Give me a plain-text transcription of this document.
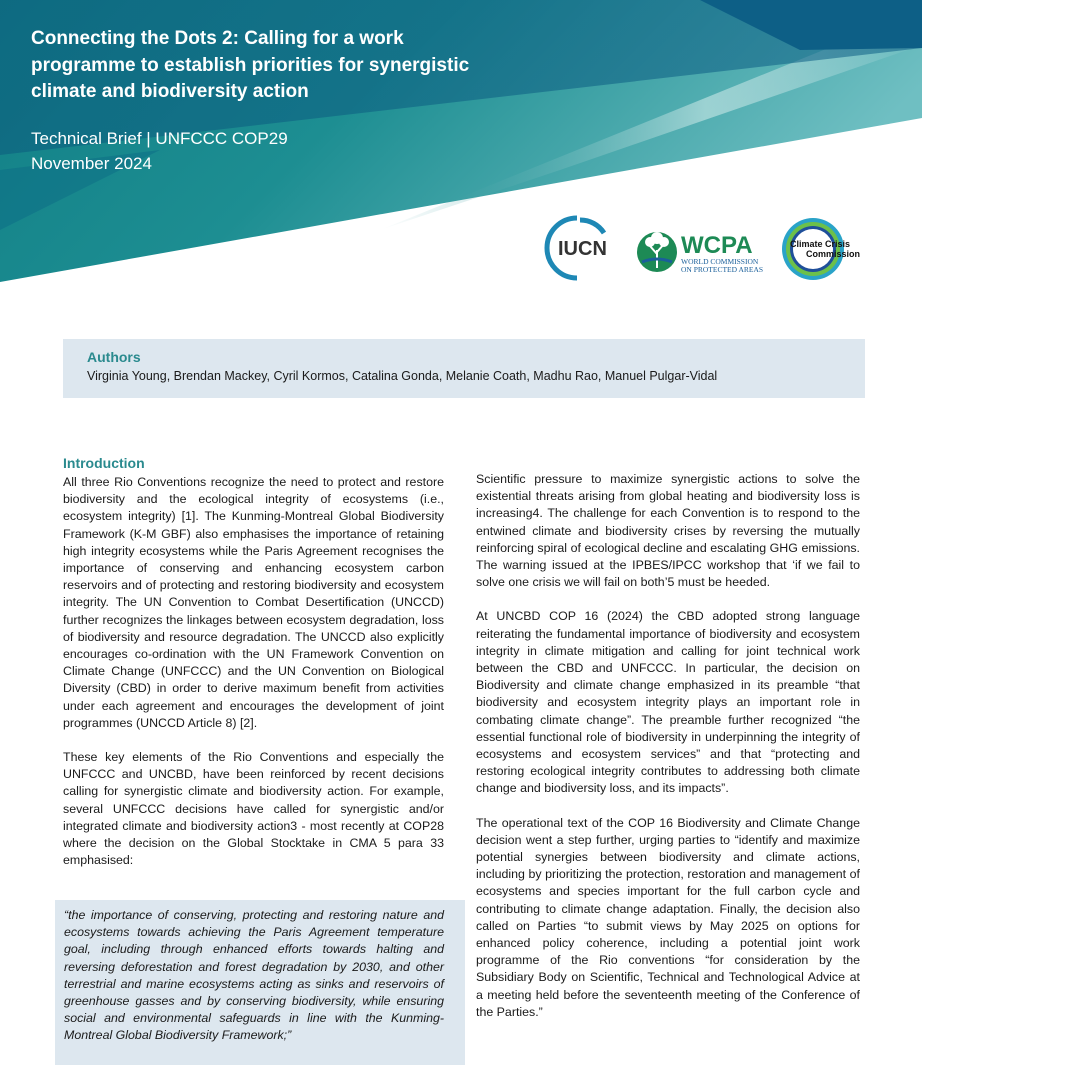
Connecting the Dots 2: Calling for a work programme to establish priorities for synergistic climate and biodiversity action
Technical Brief | UNFCCC COP29
November 2024
IUCN	WCPA
WORLD COMMISSION
ON PROTECTED AREAS
Climate Crisis
Commission
Authors
Virginia Young, Brendan Mackey, Cyril Kormos, Catalina Gonda, Melanie Coath, Madhu Rao, Manuel Pulgar-Vidal
Introduction

All three Rio Conventions recognize the need to protect and restore biodiversity and the ecological integrity of ecosystems (i.e., ecosystem integrity) [1]. The Kunming-Montreal Global Biodiversity Framework (K-M GBF) also emphasises the importance of retaining high integrity ecosystems while the Paris Agreement recognises the importance of conserving and enhancing ecosystem carbon reservoirs and of protecting and restoring biodiversity and ecosystem integrity. The UN Convention to Combat Desertification (UNCCD) further recognizes the linkages between ecosystem degradation, loss of biodiversity and resource degradation. The UNCCD also explicitly encourages co-ordination with the UN Framework Convention on Climate Change (UNFCCC) and the UN Convention on Biological Diversity (CBD) in order to derive maximum benefit from activities under each agreement and encourages the development of joint programmes (UNCCD Article 8) [2].

These key elements of the Rio Conventions and especially the UNFCCC and UNCBD, have been reinforced by recent decisions calling for synergistic climate and biodiversity action. For example, several UNFCCC decisions have called for synergistic and/or integrated climate and biodiversity action3 - most recently at COP28 where the decision on the Global Stocktake in CMA 5 para 33 emphasised:

“the importance of conserving, protecting and restoring nature and ecosystems towards achieving the Paris Agreement temperature goal, including through enhanced efforts towards halting and reversing deforestation and forest degradation by 2030, and other terrestrial and marine ecosystems acting as sinks and reservoirs of greenhouse gasses and by conserving biodiversity, while ensuring social and environmental safeguards in line with the Kunming-Montreal Global Biodiversity Framework;”

Scientific pressure to maximize synergistic actions to solve the existential threats arising from global heating and biodiversity loss is increasing4. The challenge for each Convention is to respond to the entwined climate and biodiversity crises by reversing the mutually reinforcing spiral of ecological decline and escalating GHG emissions. The warning issued at the IPBES/IPCC workshop that ‘if we fail to solve one crisis we will fail on both’5 must be heeded.

At UNCBD COP 16 (2024) the CBD adopted strong language reiterating the fundamental importance of biodiversity and ecosystem integrity in climate mitigation and calling for joint technical work between the CBD and UNFCCC. In particular, the decision on Biodiversity and climate change emphasized in its preamble “that biodiversity and ecosystem integrity plays an important role in combating climate change”. The preamble further recognized “the essential functional role of biodiversity in underpinning the integrity of ecosystems and ecosystem services” and that “protecting and restoring ecological integrity contributes to addressing both climate change and biodiversity loss, and its impacts”.

The operational text of the COP 16 Biodiversity and Climate Change decision went a step further, urging parties to “identify and maximize potential synergies between biodiversity and climate actions, including by prioritizing the protection, restoration and management of ecosystems and species important for the full carbon cycle and contributing to climate change adaptation. Finally, the decision also called on Parties “to submit views by May 2025 on options for enhanced policy coherence, including a potential joint work programme of the Rio conventions “for consideration by the Subsidiary Body on Scientific, Technical and Technological Advice at a meeting held before the seventeenth meeting of the Conference of the Parties.”
